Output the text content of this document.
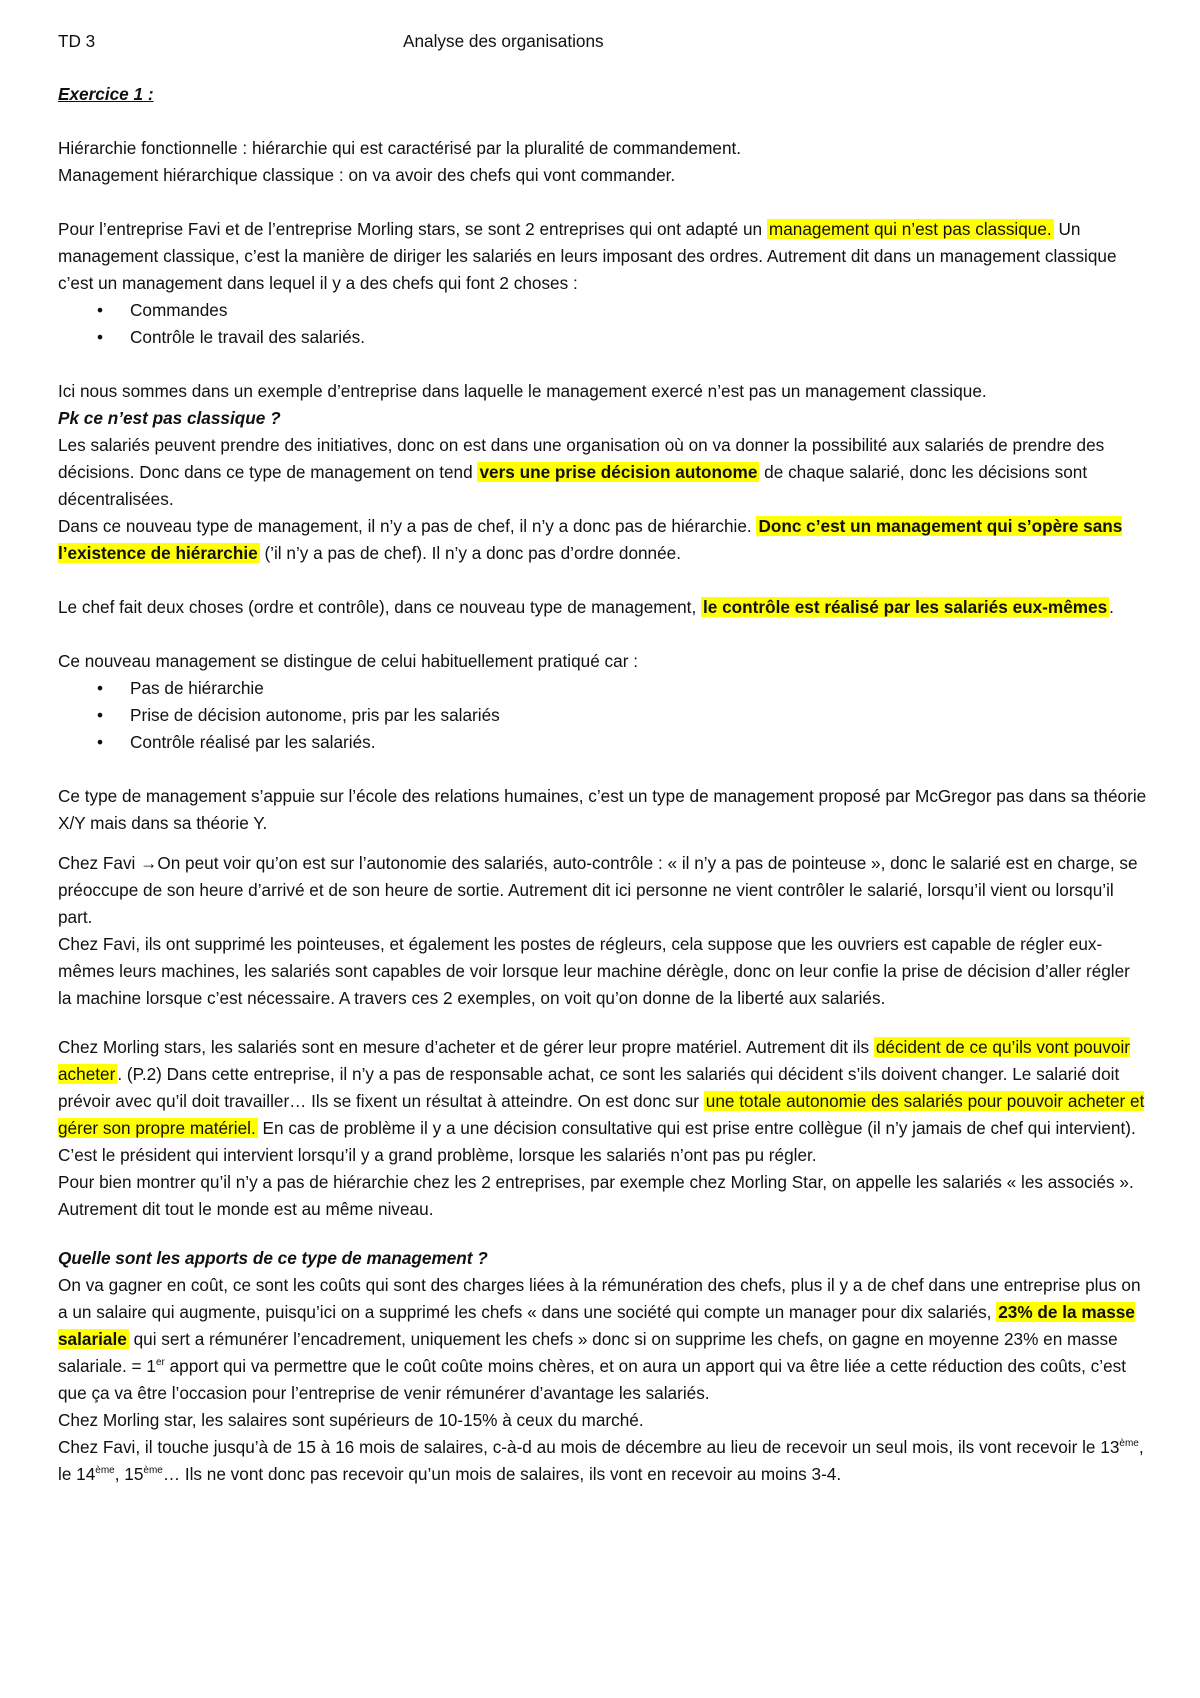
TD 3	Analyse des organisations

Exercice 1 :

Hiérarchie fonctionnelle : hiérarchie qui est caractérisé par la pluralité de commandement.

Management hiérarchique classique : on va avoir des chefs qui vont commander.

Pour l’entreprise Favi et de l’entreprise Morling stars, se sont 2 entreprises qui ont adapté un management qui n’est pas classique. Un management classique, c’est la manière de diriger les salariés en leurs imposant des ordres. Autrement dit dans un management classique c’est un management dans lequel il y a des chefs qui font 2 choses :

• Commandes
• Contrôle le travail des salariés.

Ici nous sommes dans un exemple d’entreprise dans laquelle le management exercé n’est pas un management classique.

Pk ce n’est pas classique ?

Les salariés peuvent prendre des initiatives, donc on est dans une organisation où on va donner la possibilité aux salariés de prendre des décisions. Donc dans ce type de management on tend vers une prise décision autonome de chaque salarié, donc les décisions sont décentralisées.

Dans ce nouveau type de management, il n’y a pas de chef, il n’y a donc pas de hiérarchie. Donc c’est un management qui s’opère sans l’existence de hiérarchie (’il n’y a pas de chef). Il n’y a donc pas d’ordre donnée.

Le chef fait deux choses (ordre et contrôle), dans ce nouveau type de management, le contrôle est réalisé par les salariés eux-mêmes .

Ce nouveau management se distingue de celui habituellement pratiqué car :

• Pas de hiérarchie
• Prise de décision autonome, pris par les salariés
• Contrôle réalisé par les salariés.

Ce type de management s’appuie sur l’école des relations humaines, c’est un type de management proposé par McGregor pas dans sa théorie X/Y mais dans sa théorie Y.

Chez Favi →On peut voir qu’on est sur l’autonomie des salariés, auto-contrôle : « il n’y a pas de pointeuse », donc le salarié est en charge, se préoccupe de son heure d’arrivé et de son heure de sortie. Autrement dit ici personne ne vient contrôler le salarié, lorsqu’il vient ou lorsqu’il part.

Chez Favi, ils ont supprimé les pointeuses, et également les postes de régleurs, cela suppose que les ouvriers est capable de régler eux-mêmes leurs machines, les salariés sont capables de voir lorsque leur machine dérègle, donc on leur confie la prise de décision d’aller régler la machine lorsque c’est nécessaire. A travers ces 2 exemples, on voit qu’on donne de la liberté aux salariés.

Chez Morling stars, les salariés sont en mesure d’acheter et de gérer leur propre matériel. Autrement dit ils décident de ce qu’ils vont pouvoir acheter . (P.2) Dans cette entreprise, il n’y a pas de responsable achat, ce sont les salariés qui décident s’ils doivent changer. Le salarié doit prévoir avec qu’il doit travailler… Ils se fixent un résultat à atteindre. On est donc sur une totale autonomie des salariés pour pouvoir acheter et gérer son propre matériel. En cas de problème il y a une décision consultative qui est prise entre collègue (il n’y jamais de chef qui intervient). C’est le président qui intervient lorsqu’il y a grand problème, lorsque les salariés n’ont pas pu régler.

Pour bien montrer qu’il n’y a pas de hiérarchie chez les 2 entreprises, par exemple chez Morling Star, on appelle les salariés « les associés ». Autrement dit tout le monde est au même niveau.

Quelle sont les apports de ce type de management ?

On va gagner en coût, ce sont les coûts qui sont des charges liées à la rémunération des chefs, plus il y a de chef dans une entreprise plus on a un salaire qui augmente, puisqu’ici on a supprimé les chefs « dans une société qui compte un manager pour dix salariés, 23% de la masse salariale qui sert a rémunérer l’encadrement, uniquement les chefs » donc si on supprime les chefs, on gagne en moyenne 23% en masse salariale. = 1er apport qui va permettre que le coût coûte moins chères, et on aura un apport qui va être liée a cette réduction des coûts, c’est que ça va être l’occasion pour l’entreprise de venir rémunérer d’avantage les salariés.

Chez Morling star, les salaires sont supérieurs de 10-15% à ceux du marché.

Chez Favi, il touche jusqu’à de 15 à 16 mois de salaires, c-à-d au mois de décembre au lieu de recevoir un seul mois, ils vont recevoir le 13ème, le 14ème, 15ème… Ils ne vont donc pas recevoir qu’un mois de salaires, ils vont en recevoir au moins 3-4.
